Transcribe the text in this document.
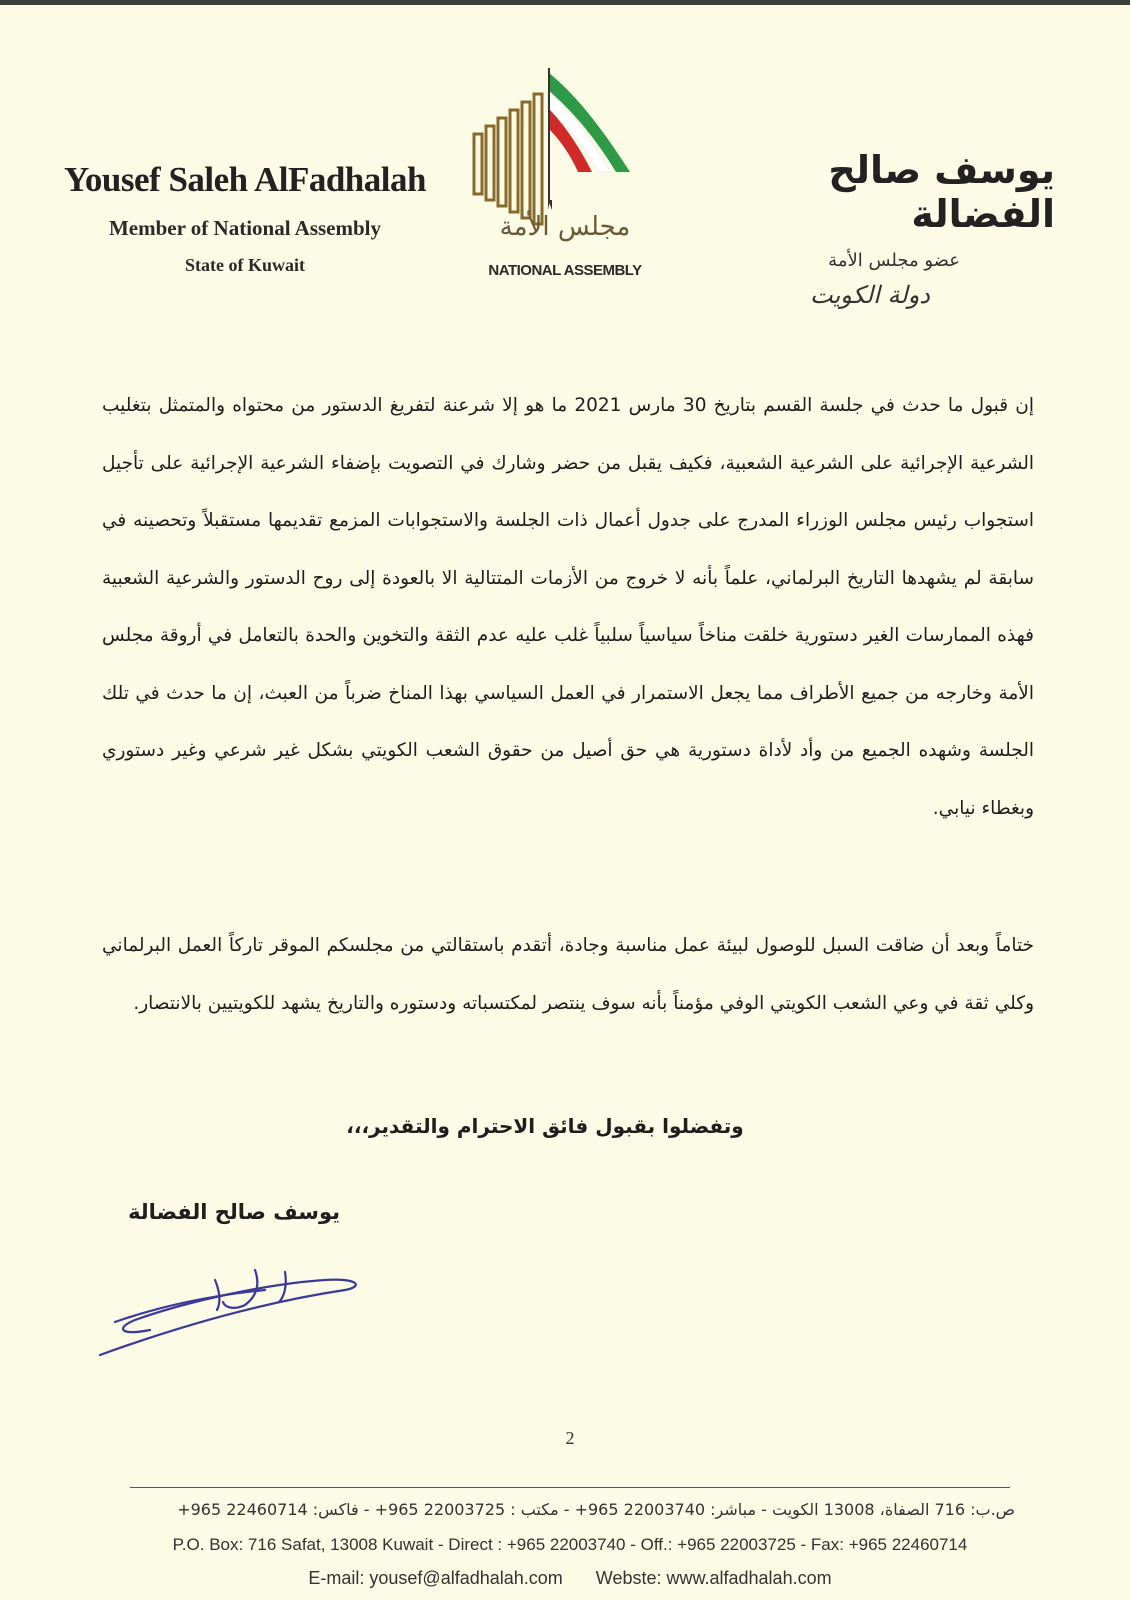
Yousef Saleh AlFadhalah
Member of National Assembly
State of Kuwait
مجلس الأمة
NATIONAL ASSEMBLY
يوسف صالح الفضالة
عضو مجلس الأمة
دولة الكويت
إن قبول ما حدث في جلسة القسم بتاريخ 30 مارس 2021 ما هو إلا شرعنة لتفريغ الدستور من محتواه والمتمثل بتغليب الشرعية الإجرائية على الشرعية الشعبية، فكيف يقبل من حضر وشارك في التصويت بإضفاء الشرعية الإجرائية على تأجيل استجواب رئيس مجلس الوزراء المدرج على جدول أعمال ذات الجلسة والاستجوابات المزمع تقديمها مستقبلاً وتحصينه في سابقة لم يشهدها التاريخ البرلماني، علماً بأنه لا خروج من الأزمات المتتالية الا بالعودة إلى روح الدستور والشرعية الشعبية فهذه الممارسات الغير دستورية خلقت مناخاً سياسياً سلبياً غلب عليه عدم الثقة والتخوين والحدة بالتعامل في أروقة مجلس الأمة وخارجه من جميع الأطراف مما يجعل الاستمرار في العمل السياسي بهذا المناخ ضرباً من العبث، إن ما حدث في تلك الجلسة وشهده الجميع من وأد لأداة دستورية هي حق أصيل من حقوق الشعب الكويتي بشكل غير شرعي وغير دستوري وبغطاء نيابي.
ختاماً وبعد أن ضاقت السبل للوصول لبيئة عمل مناسبة وجادة، أتقدم باستقالتي من مجلسكم الموقر تاركاً العمل البرلماني وكلي ثقة في وعي الشعب الكويتي الوفي مؤمناً بأنه سوف ينتصر لمكتسباته ودستوره والتاريخ يشهد للكويتيين بالانتصار.
وتفضلوا بقبول فائق الاحترام والتقدير،،،
يوسف صالح الفضالة
2
ص.ب: 716 الصفاة، 13008 الكويت - مباشر: 22003740 965+ - مكتب : 22003725 965+ - فاكس: 22460714 965+
P.O. Box: 716 Safat, 13008 Kuwait - Direct : +965 22003740 - Off.: +965 22003725 - Fax: +965 22460714
E-mail: yousef@alfadhalah.com Webste: www.alfadhalah.com
